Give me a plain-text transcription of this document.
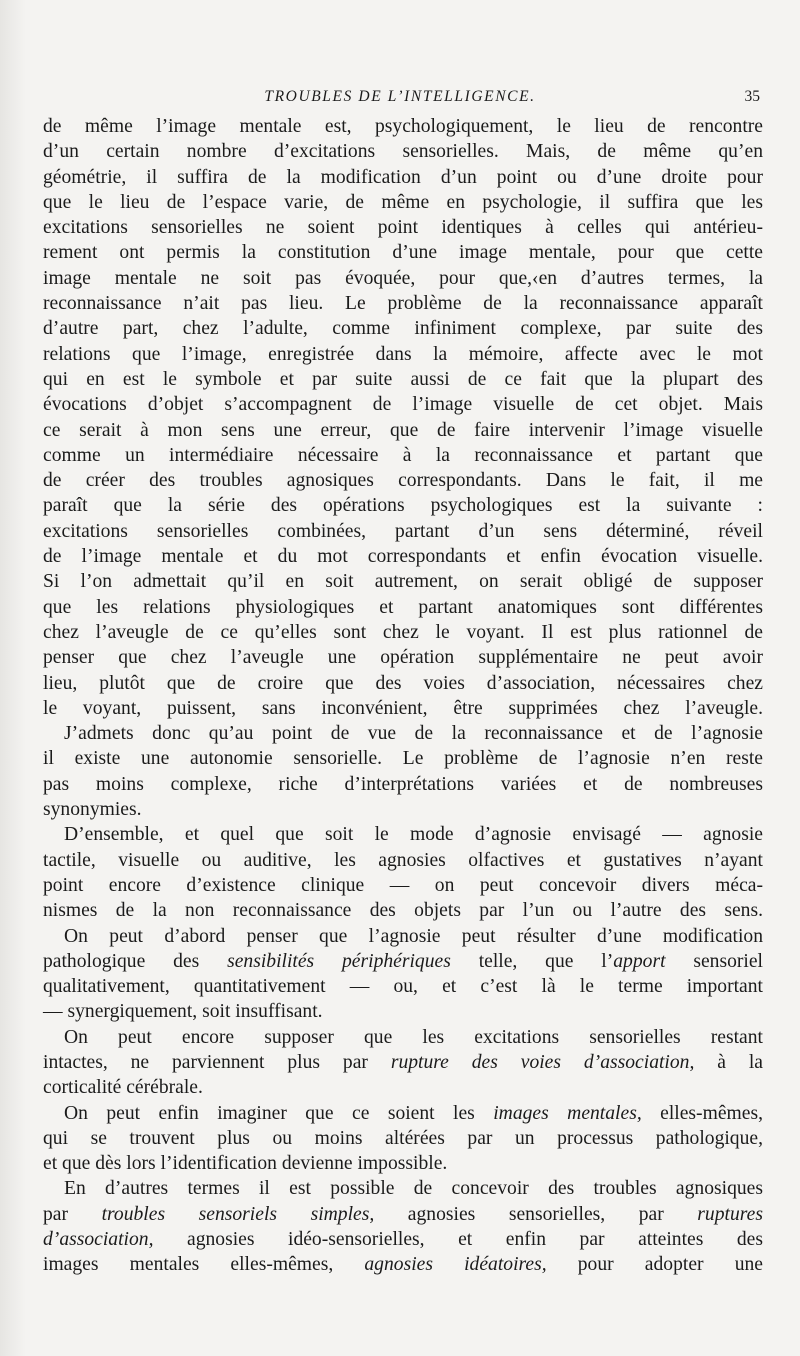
TROUBLES DE L’INTELLIGENCE.	35
de même l’image mentale est, psychologiquement, le lieu de rencontre
d’un certain nombre d’excitations sensorielles. Mais, de même qu’en
géométrie, il suffira de la modification d’un point ou d’une droite pour
que le lieu de l’espace varie, de même en psychologie, il suffira que les
excitations sensorielles ne soient point identiques à celles qui antérieu-
rement ont permis la constitution d’une image mentale, pour que cette
image mentale ne soit pas évoquée, pour que,‹en d’autres termes, la
reconnaissance n’ait pas lieu. Le problème de la reconnaissance apparaît
d’autre part, chez l’adulte, comme infiniment complexe, par suite des
relations que l’image, enregistrée dans la mémoire, affecte avec le mot
qui en est le symbole et par suite aussi de ce fait que la plupart des
évocations d’objet s’accompagnent de l’image visuelle de cet objet. Mais
ce serait à mon sens une erreur, que de faire intervenir l’image visuelle
comme un intermédiaire nécessaire à la reconnaissance et partant que
de créer des troubles agnosiques correspondants. Dans le fait, il me
paraît que la série des opérations psychologiques est la suivante :
excitations sensorielles combinées, partant d’un sens déterminé, réveil
de l’image mentale et du mot correspondants et enfin évocation visuelle.
Si l’on admettait qu’il en soit autrement, on serait obligé de supposer
que les relations physiologiques et partant anatomiques sont différentes
chez l’aveugle de ce qu’elles sont chez le voyant. Il est plus rationnel de
penser que chez l’aveugle une opération supplémentaire ne peut avoir
lieu, plutôt que de croire que des voies d’association, nécessaires chez
le voyant, puissent, sans inconvénient, être supprimées chez l’aveugle.
J’admets donc qu’au point de vue de la reconnaissance et de l’agnosie
il existe une autonomie sensorielle. Le problème de l’agnosie n’en reste
pas moins complexe, riche d’interprétations variées et de nombreuses
synonymies.
D’ensemble, et quel que soit le mode d’agnosie envisagé — agnosie
tactile, visuelle ou auditive, les agnosies olfactives et gustatives n’ayant
point encore d’existence clinique — on peut concevoir divers méca-
nismes de la non reconnaissance des objets par l’un ou l’autre des sens.
On peut d’abord penser que l’agnosie peut résulter d’une modification
pathologique des sensibilités périphériques telle, que l’apport sensoriel
qualitativement, quantitativement — ou, et c’est là le terme important
— synergiquement, soit insuffisant.
On peut encore supposer que les excitations sensorielles restant
intactes, ne parviennent plus par rupture des voies d’association, à la
corticalité cérébrale.
On peut enfin imaginer que ce soient les images mentales, elles-mêmes,
qui se trouvent plus ou moins altérées par un processus pathologique,
et que dès lors l’identification devienne impossible.
En d’autres termes il est possible de concevoir des troubles agnosiques
par troubles sensoriels simples, agnosies sensorielles, par ruptures
d’association, agnosies idéo-sensorielles, et enfin par atteintes des
images mentales elles-mêmes, agnosies idéatoires, pour adopter une
